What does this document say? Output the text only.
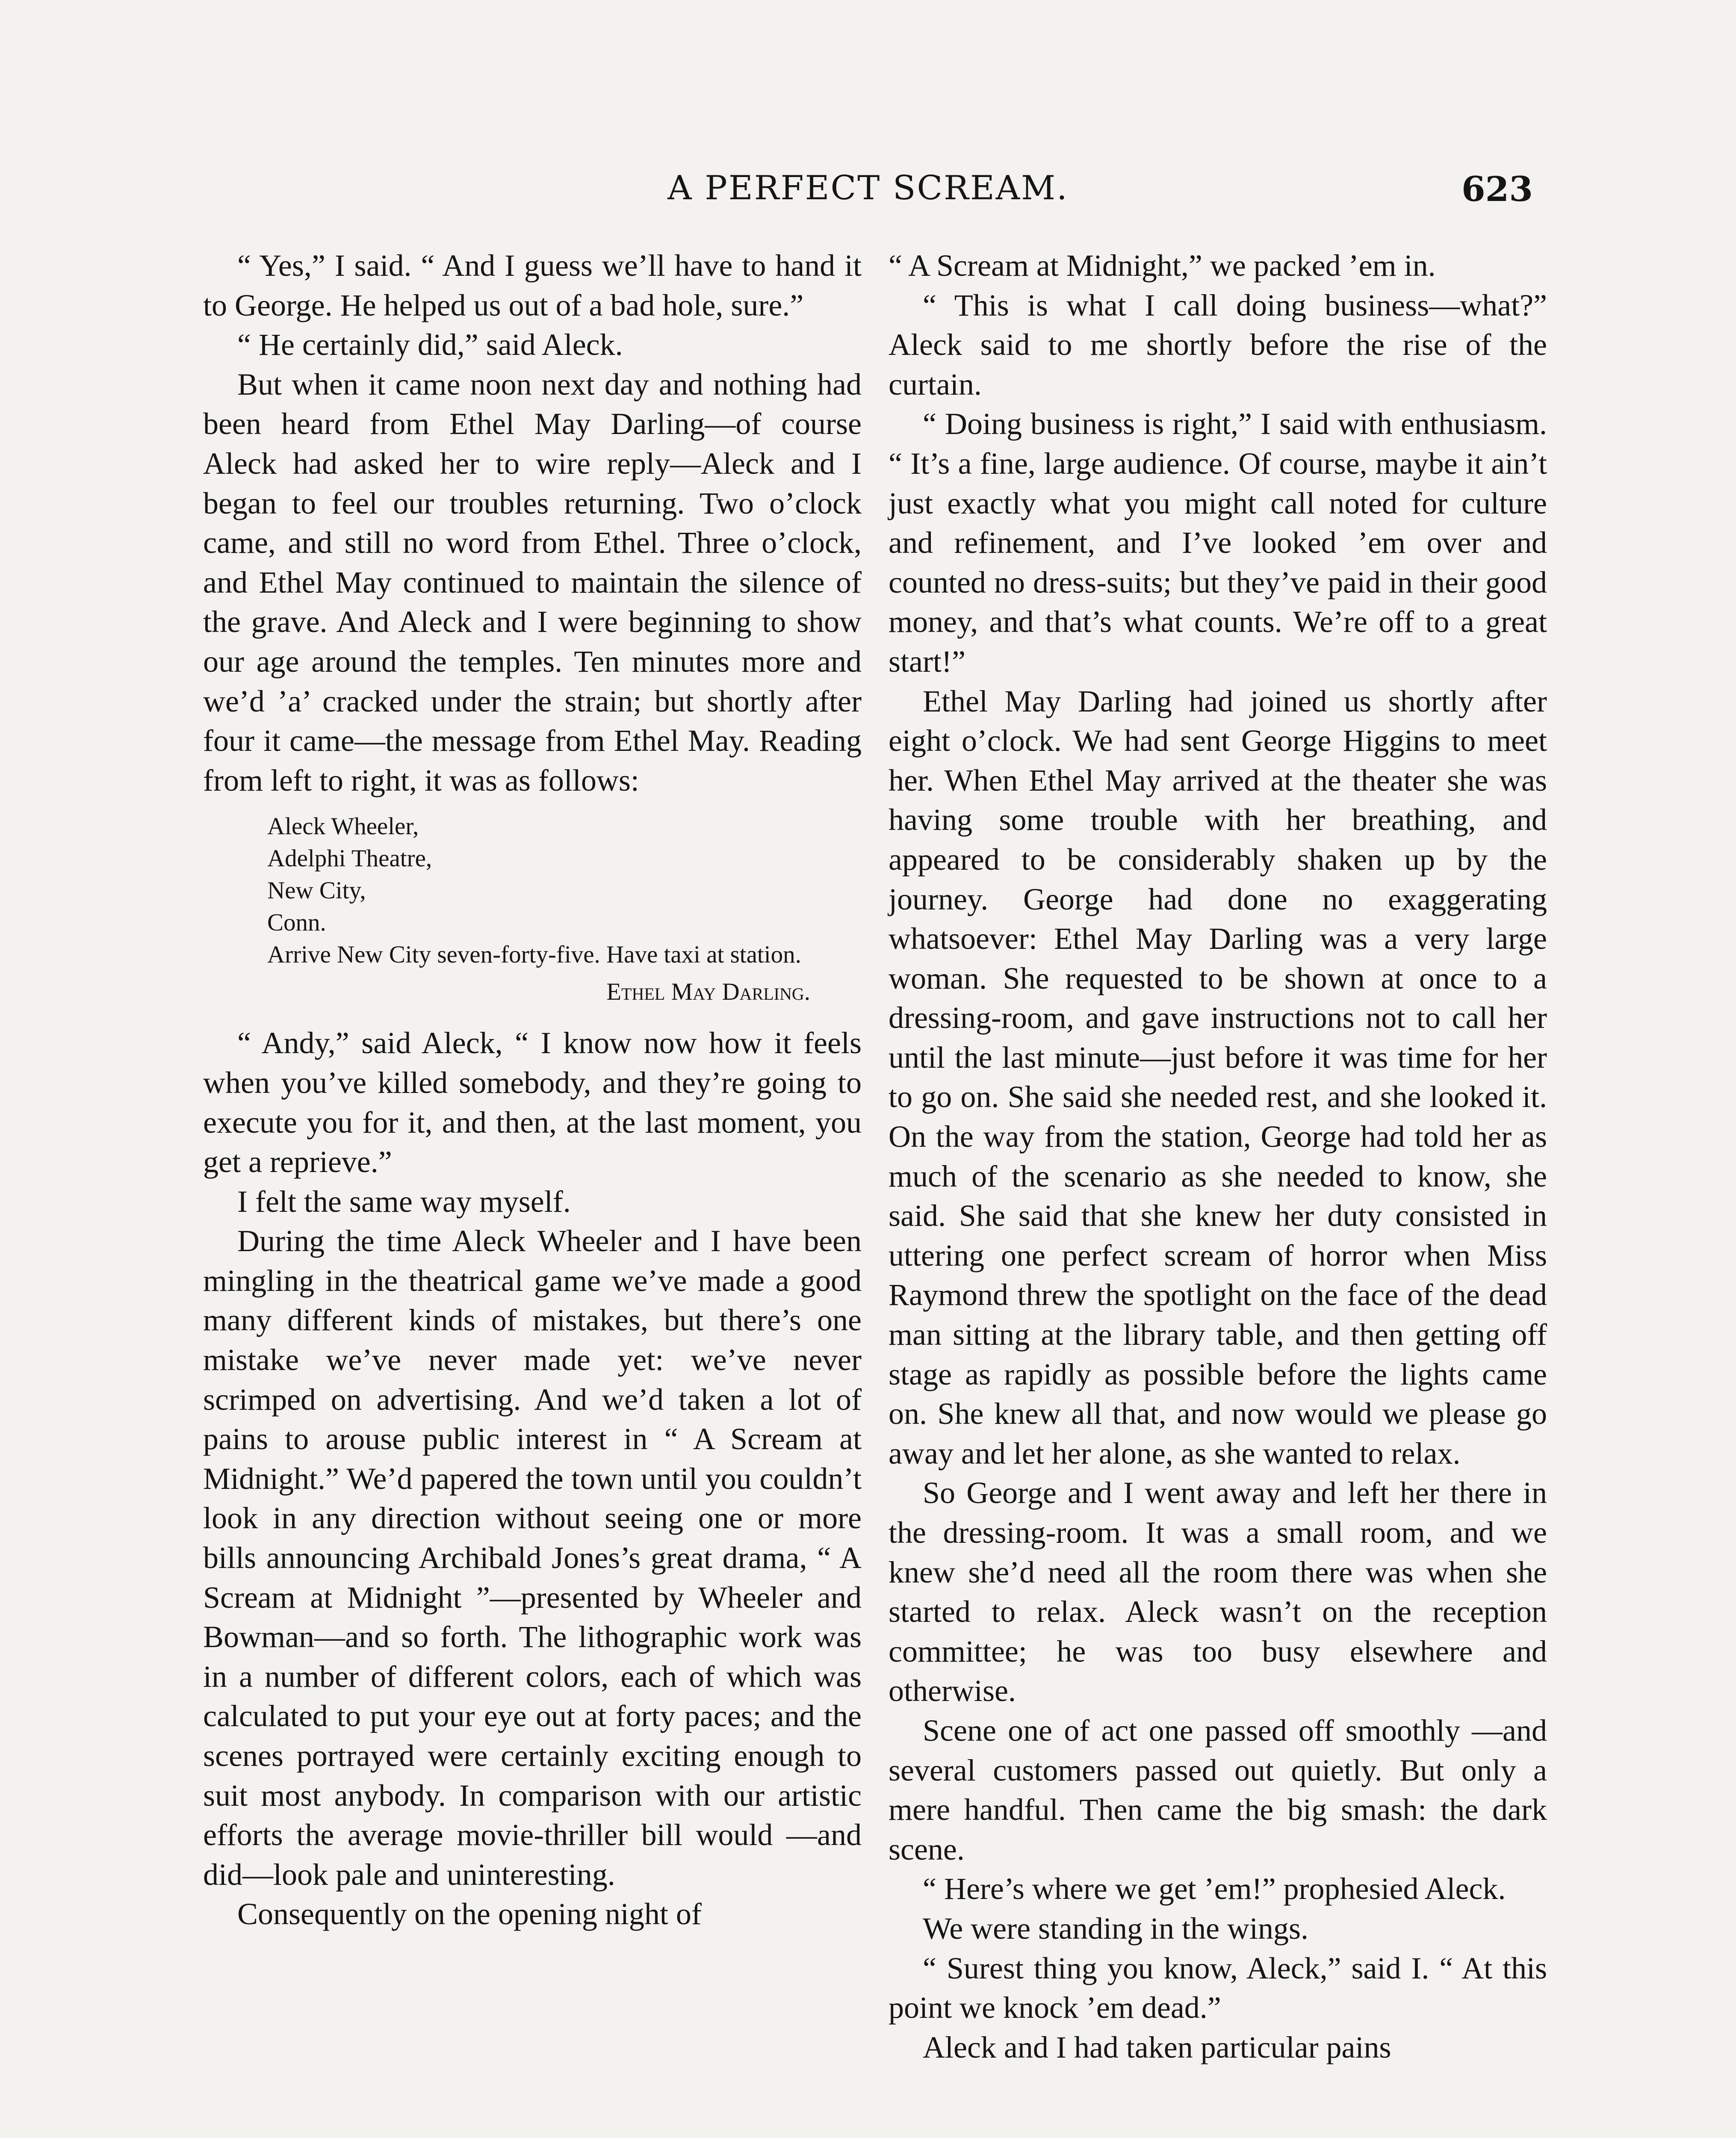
A PERFECT SCREAM.	623

“ Yes,” I said. “ And I guess we’ll have to hand it to George. He helped us out of a bad hole, sure.”

“ He certainly did,” said Aleck.

But when it came noon next day and nothing had been heard from Ethel May Darling—of course Aleck had asked her to wire reply—Aleck and I began to feel our troubles returning. Two o’clock came, and still no word from Ethel. Three o’clock, and Ethel May continued to maintain the silence of the grave. And Aleck and I were beginning to show our age around the temples. Ten minutes more and we’d ’a’ cracked under the strain; but shortly after four it came—the message from Ethel May. Reading from left to right, it was as follows:

Aleck Wheeler,
Adelphi Theatre,
New City,
Conn.
Arrive New City seven-forty-five. Have taxi at station.
Ethel May Darling.

“ Andy,” said Aleck, “ I know now how it feels when you’ve killed somebody, and they’re going to execute you for it, and then, at the last moment, you get a reprieve.”

I felt the same way myself.

During the time Aleck Wheeler and I have been mingling in the theatrical game we’ve made a good many different kinds of mistakes, but there’s one mistake we’ve never made yet: we’ve never scrimped on advertising. And we’d taken a lot of pains to arouse public interest in “ A Scream at Midnight.” We’d papered the town until you couldn’t look in any direction without seeing one or more bills announcing Archibald Jones’s great drama, “ A Scream at Midnight ”—presented by Wheeler and Bowman—and so forth. The lithographic work was in a number of different colors, each of which was calculated to put your eye out at forty paces; and the scenes portrayed were certainly exciting enough to suit most anybody. In comparison with our artistic efforts the average movie-thriller bill would —and did—look pale and uninteresting.

Consequently on the opening night of

“ A Scream at Midnight,” we packed ’em in.

“ This is what I call doing business—what?” Aleck said to me shortly before the rise of the curtain.

“ Doing business is right,” I said with enthusiasm. “ It’s a fine, large audience. Of course, maybe it ain’t just exactly what you might call noted for culture and refinement, and I’ve looked ’em over and counted no dress-suits; but they’ve paid in their good money, and that’s what counts. We’re off to a great start!”

Ethel May Darling had joined us shortly after eight o’clock. We had sent George Higgins to meet her. When Ethel May arrived at the theater she was having some trouble with her breathing, and appeared to be considerably shaken up by the journey. George had done no exaggerating whatsoever: Ethel May Darling was a very large woman. She requested to be shown at once to a dressing-room, and gave instructions not to call her until the last minute—just before it was time for her to go on. She said she needed rest, and she looked it. On the way from the station, George had told her as much of the scenario as she needed to know, she said. She said that she knew her duty consisted in uttering one perfect scream of horror when Miss Raymond threw the spotlight on the face of the dead man sitting at the library table, and then getting off stage as rapidly as possible before the lights came on. She knew all that, and now would we please go away and let her alone, as she wanted to relax.

So George and I went away and left her there in the dressing-room. It was a small room, and we knew she’d need all the room there was when she started to relax. Aleck wasn’t on the reception committee; he was too busy elsewhere and otherwise.

Scene one of act one passed off smoothly —and several customers passed out quietly. But only a mere handful. Then came the big smash: the dark scene.

“ Here’s where we get ’em!” prophesied Aleck.

We were standing in the wings.

“ Surest thing you know, Aleck,” said I. “ At this point we knock ’em dead.”

Aleck and I had taken particular pains
